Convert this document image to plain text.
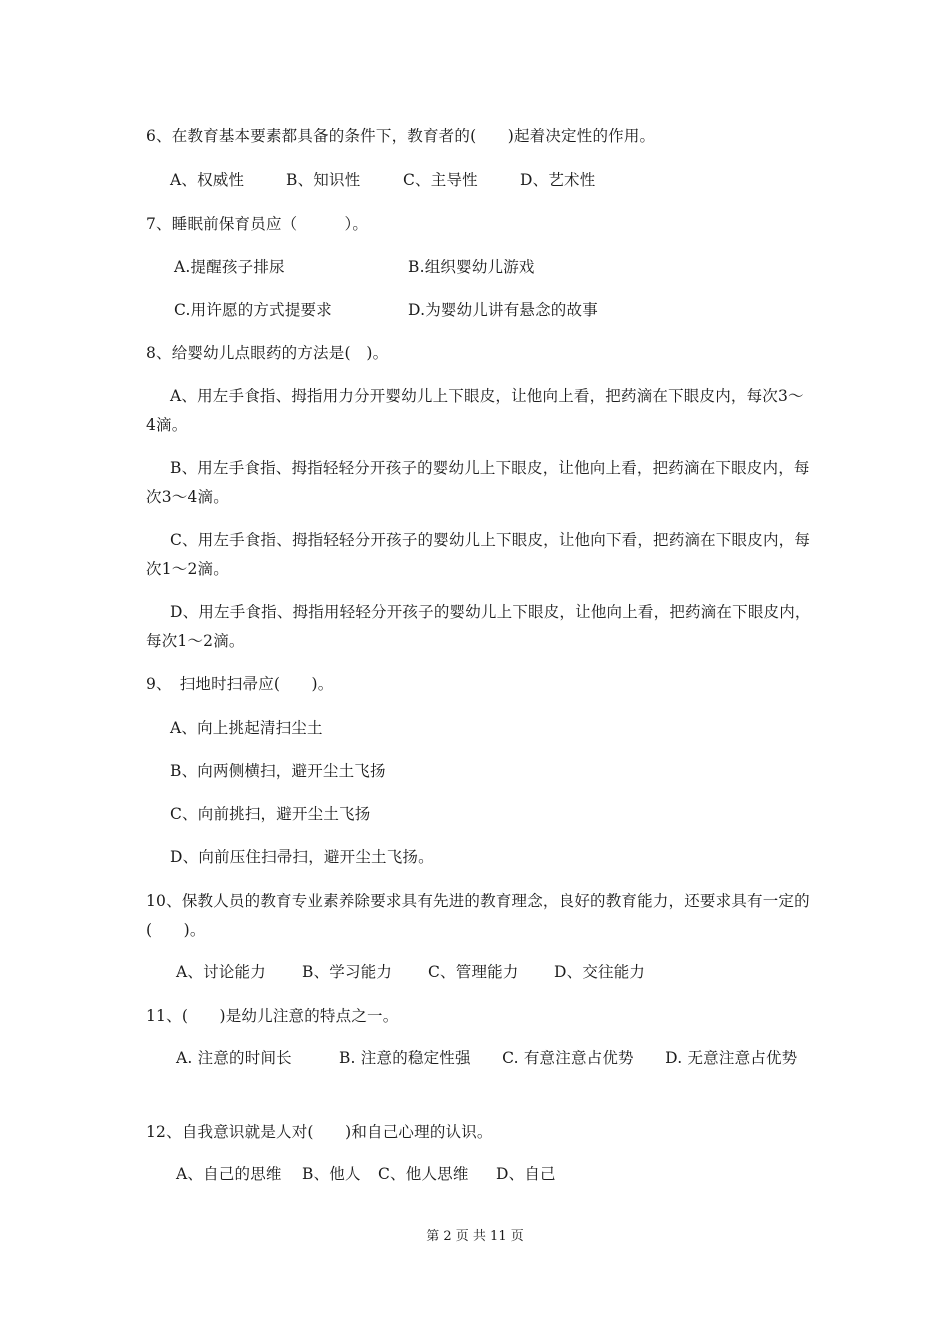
6、在教育基本要素都具备的条件下，教育者的(　　)起着决定性的作用。
A、权威性	B、知识性	C、主导性	D、艺术性
7、睡眠前保育员应（　　　）。
A.提醒孩子排尿	B.组织婴幼儿游戏
C.用许愿的方式提要求	D.为婴幼儿讲有悬念的故事
8、给婴幼儿点眼药的方法是(　)。
A、用左手食指、拇指用力分开婴幼儿上下眼皮，让他向上看，把药滴在下眼皮内，每次3～4滴。
B、用左手食指、拇指轻轻分开孩子的婴幼儿上下眼皮，让他向上看，把药滴在下眼皮内，每次3～4滴。
C、用左手食指、拇指轻轻分开孩子的婴幼儿上下眼皮，让他向下看，把药滴在下眼皮内，每次1～2滴。
D、用左手食指、拇指用轻轻分开孩子的婴幼儿上下眼皮，让他向上看，把药滴在下眼皮内，每次1～2滴。
9、　扫地时扫帚应(　　)。
A、向上挑起清扫尘土
B、向两侧横扫，避开尘土飞扬
C、向前挑扫，避开尘土飞扬
D、向前压住扫帚扫，避开尘土飞扬。
10、保教人员的教育专业素养除要求具有先进的教育理念，良好的教育能力，还要求具有一定的(　　)。
A、讨论能力 B、学习能力 C、管理能力 D、交往能力
11、(　　)是幼儿注意的特点之一。
A. 注意的时间长　　　B. 注意的稳定性强　　C. 有意注意占优势　　D. 无意注意占优势
12、自我意识就是人对(　　)和自己心理的认识。
A、自己的思维 B、他人 C、他人思维 D、自己
第 2 页 共 11 页
